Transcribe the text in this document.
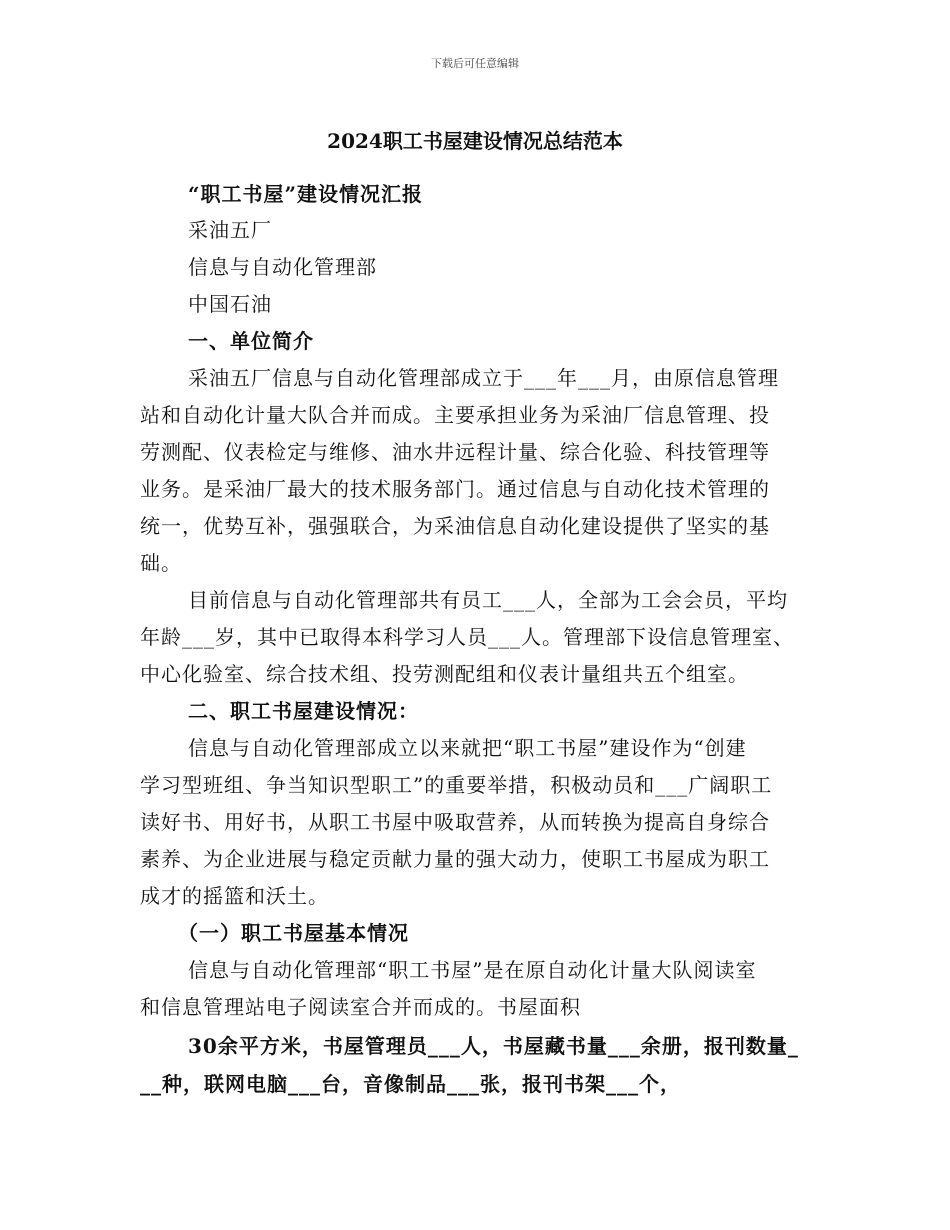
下载后可任意编辑
2024职工书屋建设情况总结范本
“职工书屋”建设情况汇报
采油五厂
信息与自动化管理部
中国石油
一、单位简介
采油五厂信息与自动化管理部成立于___年___月，由原信息管理
站和自动化计量大队合并而成。主要承担业务为采油厂信息管理、投
劳测配、仪表检定与维修、油水井远程计量、综合化验、科技管理等
业务。是采油厂最大的技术服务部门。通过信息与自动化技术管理的
统一，优势互补，强强联合，为采油信息自动化建设提供了坚实的基
础。
目前信息与自动化管理部共有员工___人，全部为工会会员，平均
年龄___岁，其中已取得本科学习人员___人。管理部下设信息管理室、
中心化验室、综合技术组、投劳测配组和仪表计量组共五个组室。
二、职工书屋建设情况：
信息与自动化管理部成立以来就把“职工书屋”建设作为“创建
学习型班组、争当知识型职工”的重要举措，积极动员和___广阔职工
读好书、用好书，从职工书屋中吸取营养，从而转换为提高自身综合
素养、为企业进展与稳定贡献力量的强大动力，使职工书屋成为职工
成才的摇篮和沃土。
（一）职工书屋基本情况
信息与自动化管理部“职工书屋”是在原自动化计量大队阅读室
和信息管理站电子阅读室合并而成的。书屋面积
30余平方米，书屋管理员___人，书屋藏书量___余册，报刊数量_
__种，联网电脑___台，音像制品___张，报刊书架___个，
